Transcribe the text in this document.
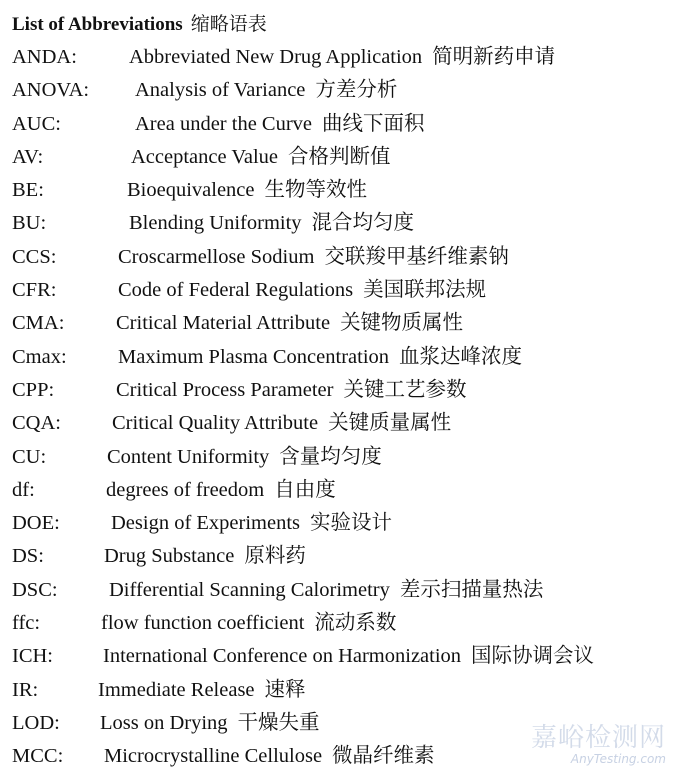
List of Abbreviations 缩略语表
ANDA:	Abbreviated New Drug Application 简明新药申请
ANOVA: Analysis of Variance 方差分析
AUC:	Area under the Curve 曲线下面积
AV:	Acceptance Value 合格判断值
BE:	Bioequivalence 生物等效性
BU:	Blending Uniformity 混合均匀度
CCS:	Croscarmellose Sodium 交联羧甲基纤维素钠
CFR:	Code of Federal Regulations 美国联邦法规
CMA:	Critical Material Attribute 关键物质属性
Cmax:	Maximum Plasma Concentration 血浆达峰浓度
CPP:	Critical Process Parameter 关键工艺参数
CQA: Critical Quality Attribute 关键质量属性
CU:	Content Uniformity 含量均匀度
df:	degrees of freedom 自由度
DOE: Design of Experiments 实验设计
DS:	Drug Substance 原料药
DSC:	Differential Scanning Calorimetry 差示扫描量热法
ffc:	flow function coefficient 流动系数
ICH: International Conference on Harmonization 国际协调会议
IR:	Immediate Release 速释
LOD: Loss on Drying 干燥失重
MCC: Microcrystalline Cellulose 微晶纤维素
嘉峪检测网
AnyTesting.com
